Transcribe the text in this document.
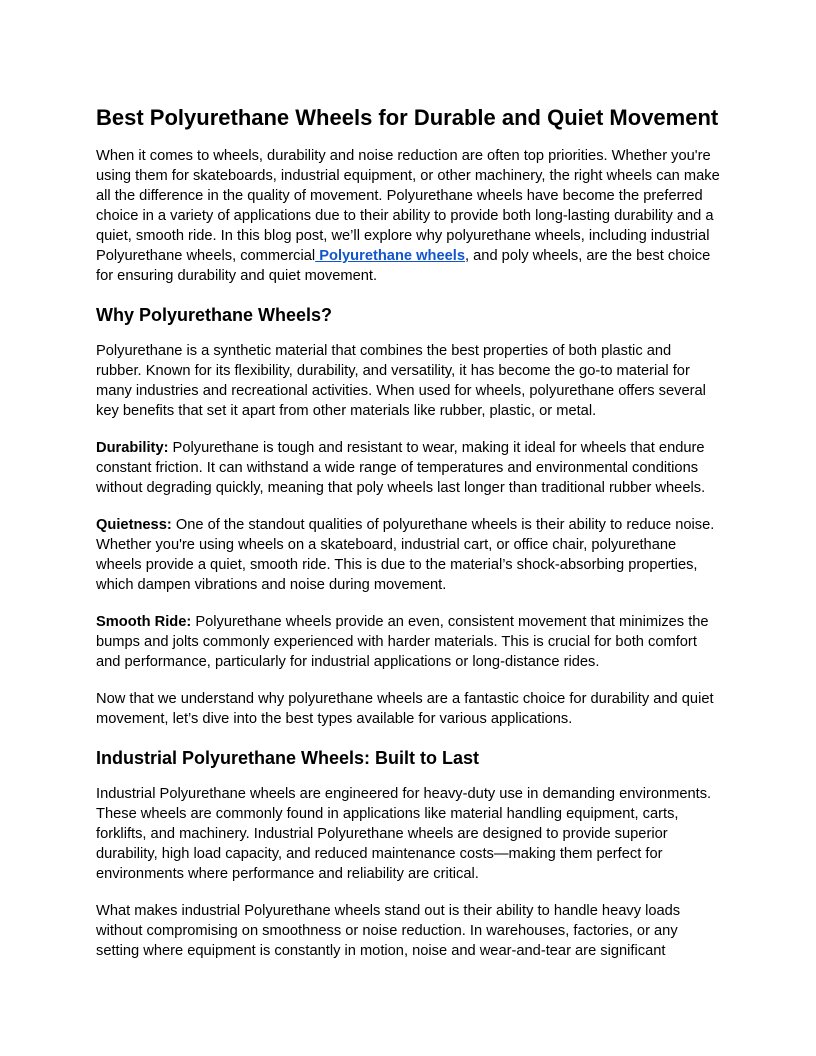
Best Polyurethane Wheels for Durable and Quiet Movement

When it comes to wheels, durability and noise reduction are often top priorities. Whether you're using them for skateboards, industrial equipment, or other machinery, the right wheels can make all the difference in the quality of movement. Polyurethane wheels have become the preferred choice in a variety of applications due to their ability to provide both long-lasting durability and a quiet, smooth ride. In this blog post, we’ll explore why polyurethane wheels, including industrial Polyurethane wheels, commercial Polyurethane wheels, and poly wheels, are the best choice for ensuring durability and quiet movement.

Why Polyurethane Wheels?

Polyurethane is a synthetic material that combines the best properties of both plastic and rubber. Known for its flexibility, durability, and versatility, it has become the go-to material for many industries and recreational activities. When used for wheels, polyurethane offers several key benefits that set it apart from other materials like rubber, plastic, or metal.

Durability: Polyurethane is tough and resistant to wear, making it ideal for wheels that endure constant friction. It can withstand a wide range of temperatures and environmental conditions without degrading quickly, meaning that poly wheels last longer than traditional rubber wheels.

Quietness: One of the standout qualities of polyurethane wheels is their ability to reduce noise. Whether you're using wheels on a skateboard, industrial cart, or office chair, polyurethane wheels provide a quiet, smooth ride. This is due to the material’s shock-absorbing properties, which dampen vibrations and noise during movement.

Smooth Ride: Polyurethane wheels provide an even, consistent movement that minimizes the bumps and jolts commonly experienced with harder materials. This is crucial for both comfort and performance, particularly for industrial applications or long-distance rides.

Now that we understand why polyurethane wheels are a fantastic choice for durability and quiet movement, let’s dive into the best types available for various applications.

Industrial Polyurethane Wheels: Built to Last

Industrial Polyurethane wheels are engineered for heavy-duty use in demanding environments. These wheels are commonly found in applications like material handling equipment, carts, forklifts, and machinery. Industrial Polyurethane wheels are designed to provide superior durability, high load capacity, and reduced maintenance costs—making them perfect for environments where performance and reliability are critical.

What makes industrial Polyurethane wheels stand out is their ability to handle heavy loads without compromising on smoothness or noise reduction. In warehouses, factories, or any setting where equipment is constantly in motion, noise and wear-and-tear are significant
